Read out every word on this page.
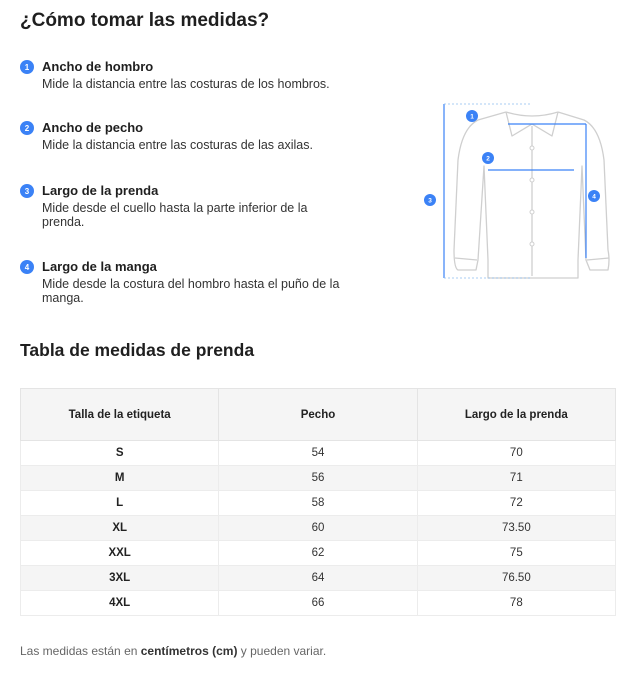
¿Cómo tomar las medidas?
1 Ancho de hombro
Mide la distancia entre las costuras de los hombros.
2 Ancho de pecho
Mide la distancia entre las costuras de las axilas.
3 Largo de la prenda
Mide desde el cuello hasta la parte inferior de la prenda.
4 Largo de la manga
Mide desde la costura del hombro hasta el puño de la manga.
1
2
3
4
Tabla de medidas de prenda
Talla de la etiqueta	Pecho	Largo de la prenda
S	54	70
M	56	71
L	58	72
XL	60	73.50
XXL	62	75
3XL	64	76.50
4XL	66	78
Las medidas están en centímetros (cm) y pueden variar.
